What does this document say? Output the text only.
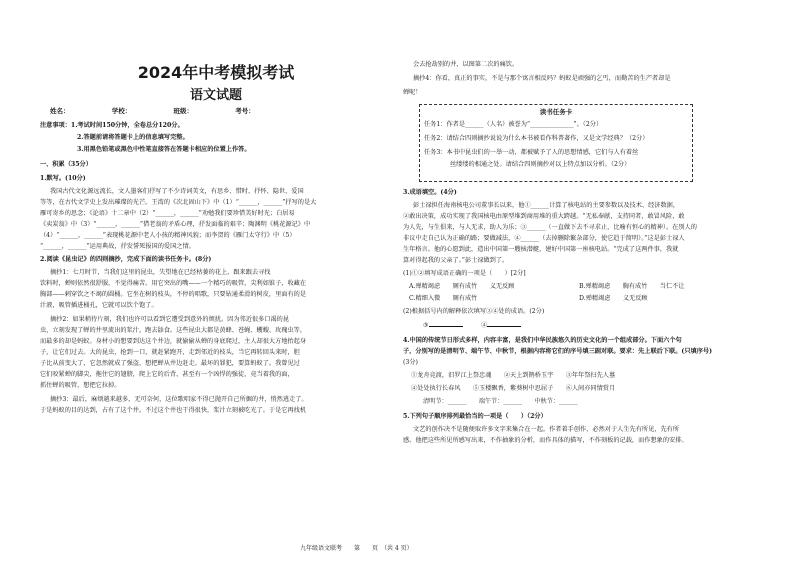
2024年中考模拟考试
语文试题
姓名：	学校：	班级：	考号：
注意事项：1.考试时间150分钟，全卷总分120分。
2.答题前请将答题卡上的信息填写完整。
3.用黑色铅笔或黑色中性笔直接答在答题卡相应的位置上作答。
一、积累（35分）
1.默写。(10分)
我国古代文化源远流长，文人墨客们抒写了不少诗词美文，有思乡、惜时、抒怀、隐世、爱国
等等，在古代文学史上发出璀璨的光芒。王湾的《次北固山下》中（1）“______，______”抒写的是大
雁可寄乡的思念；《论语》十二章中（2）“______，______”劝勉我们要珍惜美好时光；白居易
《卖炭翁》中（3）“______，______”借老翁的矛盾心理，抒发面临的艰辛；陶渊明《桃花源记》中
（4）“______，______”表现桃花源中老人小孩的精神风貌；而李贺的《雁门太守行》中（5）
“______，______”运用典故，抒发誓死报国的爱国之情。
2.阅读《昆虫记》的四则摘抄，完成下面的读书任务卡。(8分)
摘抄1：七月时节，当我们这里的昆虫，失望地在已经枯萎的花上，跟来跟去寻找
饮料时，蝉则依然很舒服，不觉得痛苦。用它突出的嘴——一个精巧的吸管，尖利如锥子，收藏在
胸部——刺穿饮之不竭的圆桶。它坐在树的枝头，不停的唱歌，只要钻通柔滑的树皮，里面有的是
汁液，吸管插进桶孔，它就可以饮个饱了。
摘抄2：如果稍待片刻，我们也许可以看到它遭受到意外的烦扰。因为邻近很多口渴的昆
虫，立刻发现了蝉的井里流出的浆汁，跑去舔食。这些昆虫大都是黄蜂、苍蝇、蠼螋、玫瑰虫等，
而最多的却是蚂蚁。身材小的想要到达这个井边，就偷偷从蝉的身底爬过，主人却很大方地抬起身
子，让它们过去。大的昆虫，抢到一口，就赶紧跑开，走到邻近的枝头，当它再转回头来时，胆
子比从前变大了，它忽然就成了强盗，想把蝉从井边赶走。最坏的罪犯，要算蚂蚁了。我曾见过
它们咬紧蝉的脚尖，拖住它的翅膀，爬上它的后背，甚至有一个凶悍的强徒，竟当着我的面，
抓住蝉的吸管，想把它拉掉。
摘抄3：最后，麻烦越来越多，无可奈何，这位歌唱家不得已抛开自己所掘的井，悄然逃走了。
于是蚂蚁的目的达到，占有了这个井。不过这个井也干得很快，浆汁立刻被吃光了。于是它再找机
会去抢劫别的井，以图第二次的痛饮。
摘抄4：你看，真正的事实，不是与那个寓言相反吗？蚂蚁是顽强的乞丐，而勤苦的生产者却是
蝉呢！
读书任务卡
任务1：作者是______（人名）被誉为“______________”。（2分）
任务2：请结合四则摘抄说说为什么本书被看作科普著作，又是文学经典？（2分）
任务3：本书中昆虫们的一举一动，都被赋予了人的思想情感，它们与人有着丝
丝缕缕的相通之处。请结合四则摘抄对以上特点加以分析。（2分）
3.成语填空。(4分)
彭士禄担任海南核电公司董事长以来，他①______计算了核电站的主要参数以及技术、经济数据，
②敢出决策，成功实现了我国核电由原型堆到商用堆的重大跨越。“无私奉献，支持同者，敢冒风险，敢
为人先，与生俱来，与人无求，助人为乐；③______（一直做下去不寻求止，比喻有恒心的精神）。在别人的
非议中走自己认为正确的路；要做减法，④______（去掉删除繁杂部分，使它趋于简明）。”这是彭士禄人
生年格言。他的心愿到此，造出中国第一艘核潜艇，建好中国第一座核电站。“完成了这两件事，我就
算对得起我的父亲了。”彭士禄做到了。
(1)①②填写成语正确的一项是（　　）[2分]
A.殚精竭虑　　 厕有成竹　　 义无反顾	B.殚精竭虑　　 胸有成竹　　 当仁不让
C.精细入微　　 厕有成竹	D.殚精竭虑　　 义无反顾
(2)根据括号内的解释依次填写③④处的成语。(2分)
③　　　	④
4.中国的传统节日形式多样，内容丰富，是我们中华民族悠久的历史文化的一个组成部分。下面六个句
子，分别写的是清明节、端午节、中秋节，根据内容将它们的序号填三副对联。要求：先上联后下联。(只填序号)
(3分)
①龙舟竞渡，汨罗江上祭忠魂　　 ②天上到鹊桥玉宇　　 ③年年祭扫先人墓
④处处执行长春风　　 ⑤玉楼飘香，紫葵树中思屈子　　 ⑥人间亦同情赏月
清明节：______　　 端午节：______　　 中秋节：______
5.下列句子顺序排列最恰当的一项是（　　）（2分）
文艺的创作决不是随便取许多文字来集合在一起。作者着手创作，必然对于人生先有所见，先有所
感。他把这些所见所感写出来，不作抽象的分析，而作具体的描写，不作刻板的记载，而作想象的安排。
九年级语文联考　　第　　页　（共 4 页）
